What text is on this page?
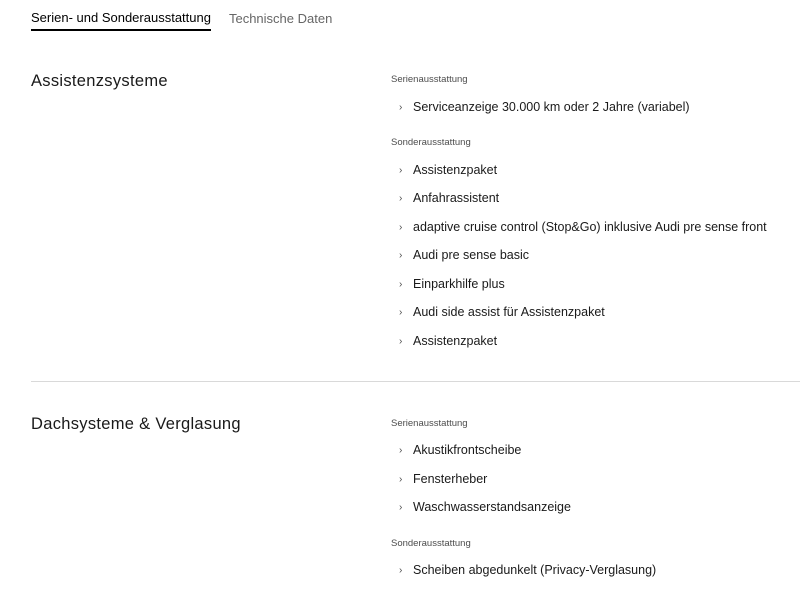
Serien- und Sonderausstattung Technische Daten
Assistenzsysteme	Serienausstattung
› Serviceanzeige 30.000 km oder 2 Jahre (variabel)
Sonderausstattung
› Assistenzpaket
› Anfahrassistent
› adaptive cruise control (Stop&Go) inklusive Audi pre sense front
› Audi pre sense basic
› Einparkhilfe plus
› Audi side assist für Assistenzpaket
› Assistenzpaket
Dachsysteme & Verglasung	Serienausstattung
› Akustikfrontscheibe
› Fensterheber
› Waschwasserstandsanzeige
Sonderausstattung
› Scheiben abgedunkelt (Privacy-Verglasung)
